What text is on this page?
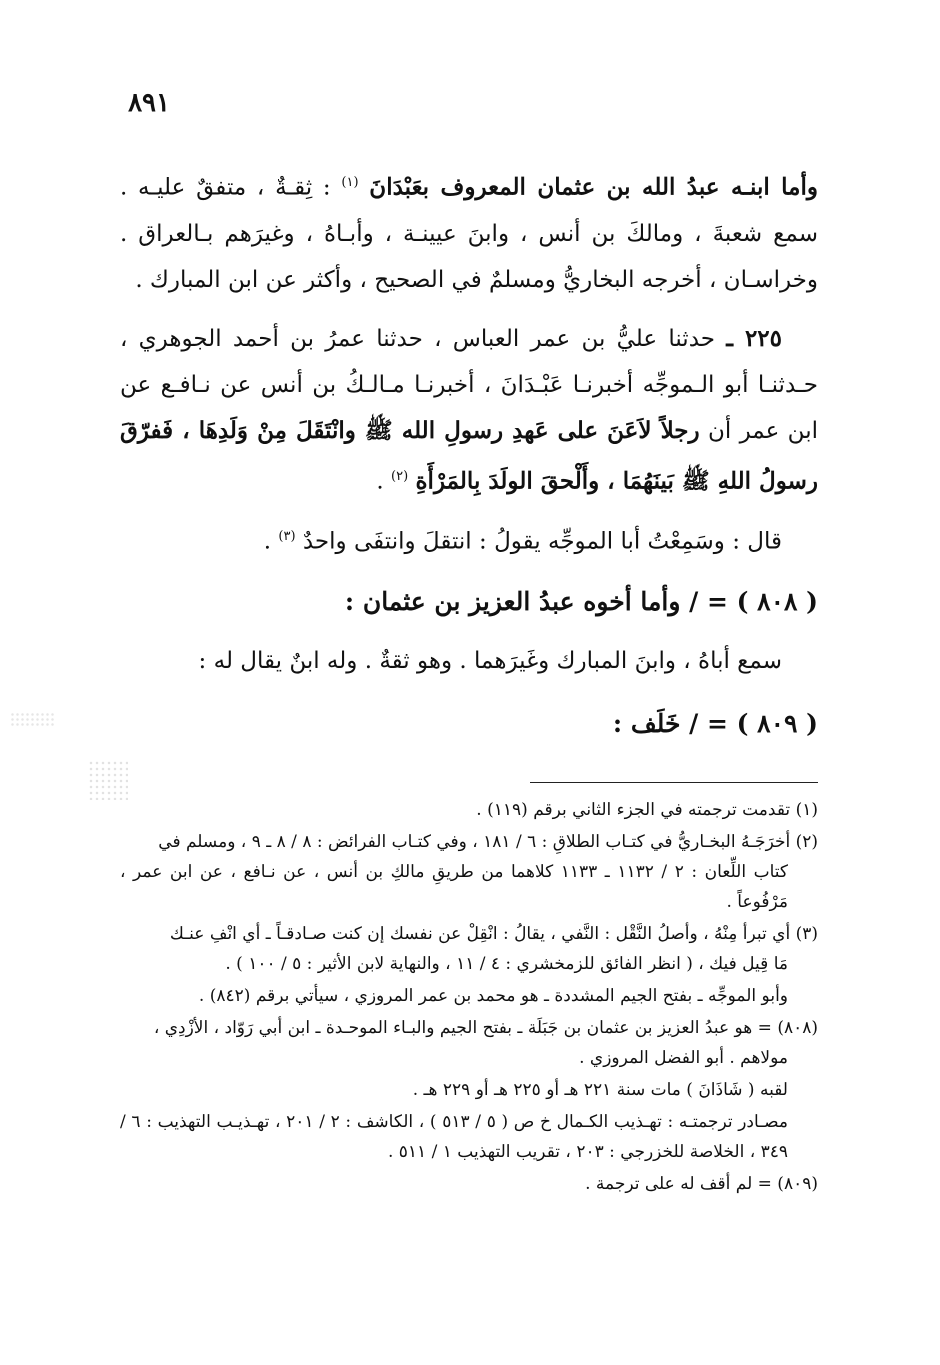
٨٩١

وأما ابنـه عبدُ الله بن عثمان المعروف بعَبْدَانَ $^{(١)}$ : ثِقـةٌ ، متفقٌ عليـه . سمع شعبةَ ، ومالكَ بن أنس ، وابنَ عيينـة ، وأبـاهُ ، وغيرَهم بـالعراق . وخراسـان ، أخرجه البخاريُّ ومسلمٌ في الصحيح ، وأكثر عن ابن المبارك .

٢٢٥ ـ حدثنا عليُّ بن عمر العباس ، حدثنا عمرُ بن أحمد الجوهري ، حـدثنـا أبو الـموجِّه أخبرنـا عَبْـدَانَ ، أخبرنـا مـالـكُ بن أنس عن نـافـع عن ابن عمر أن رجلاً لاَعَنَ على عَهدِ رسولِ الله ﷺ وانْتَقَلَ مِنْ وَلَدِهَا ، فَفرّقَ رسولُ اللهِ ﷺ بَينَهُمَا ، وأَلْحقَ الولَدَ بِالمَرْأَةِ $^{(٢)}$ .

قال : وسَمِعْتُ أبا الموجِّه يقولُ : انتقلَ وانتفَى واحدٌ $^{(٣)}$ .

( ٨٠٨ ) = / وأما أخوه عبدُ العزيز بن عثمان :

سمع أباهُ ، وابنَ المبارك وغَيرَهما . وهو ثقةٌ . وله ابنٌ يقال له :

( ٨٠٩ ) = / خَلَف :

(١) تقدمت ترجمته في الجزء الثاني برقم (١١٩) .

(٢) أخرَجَـهُ البخـاريُّ في كتـاب الطلاقِ : ٦ / ١٨١ ، وفي كتـاب الفرائض : ٨ / ٨ ـ ٩ ، ومسلم في
كتاب اللِّعان : ٢ / ١١٣٢ ـ ١١٣٣ كلاهما من طريقِ مالكِ بن أنس ، عن نـافع ، عن ابن عمر ، مَرْفُوعاً .

(٣) أي تبرأ مِنْهُ ، وأصلُ النَّقْل : النَّفي ، يقالُ : انْقِلْ عن نفسك إن كنت صـادقـاً ـ أي انْفِ عنـك
مَا قِيل فيك ، ( انظر الفائق للزمخشري : ٤ / ١١ ، والنهاية لابن الأثير : ٥ / ١٠٠ ) .

وأبو الموجِّه ـ بفتح الجيم المشددة ـ هو محمد بن عمر المروزي ، سيأتي برقم (٨٤٢) .

(٨٠٨) = هو عبدُ العزيز بن عثمان بن جَبَلَة ـ بفتح الجيم والبـاء الموحـدة ـ ابن أبي رَوّاد ، الأزْدِي ،
مولاهم . أبو الفضل المروزي .

لقبه ( شَاذَانَ ) مات سنة ٢٢١ هـ أو ٢٢٥ هـ أو ٢٢٩ هـ .

مصـادر ترجمتـه : تهـذيب الكـمال خ ص ( ٥ / ٥١٣ ) ، الكاشف : ٢ / ٢٠١ ، تهـذيـب التهذيب : ٦ / ٣٤٩ ، الخلاصة للخزرجي : ٢٠٣ ، تقريب التهذيب ١ / ٥١١ .

(٨٠٩) = لم أقف له على ترجمة .
